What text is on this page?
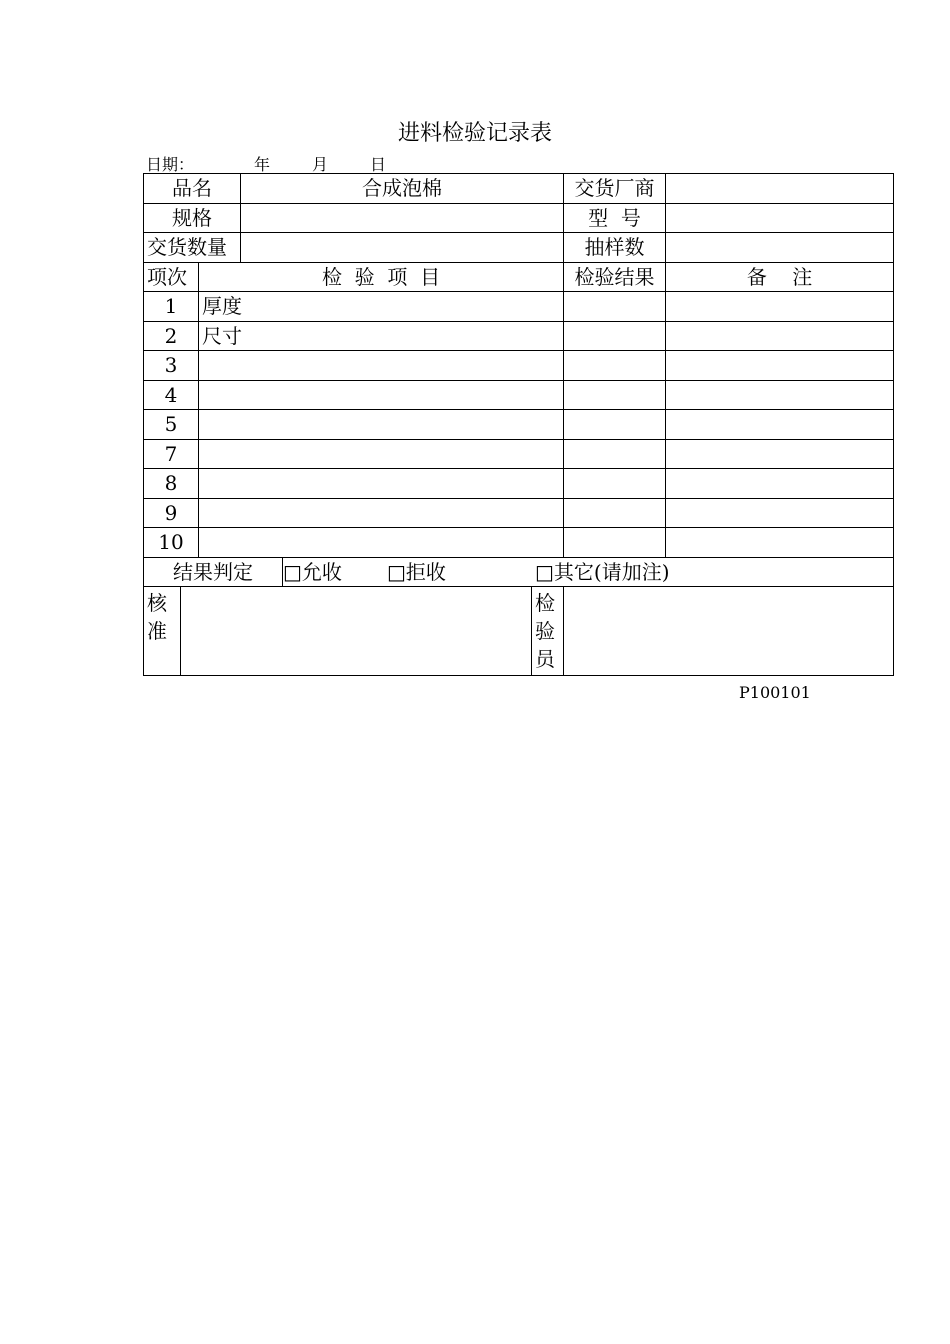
进料检验记录表
日期：	年	月	日
品名			合成泡棉			交货厂商	
规格						型  号	
交货数量						抽样数	
项次		检  验  项  目				检验结果	备    注
1		厚度					
2		尺寸					
3							
4							
5							
7							
8							
9							
10							
结果判定				□允收 □拒收 □其它(请加注)			
核准					检验员		
P100101
